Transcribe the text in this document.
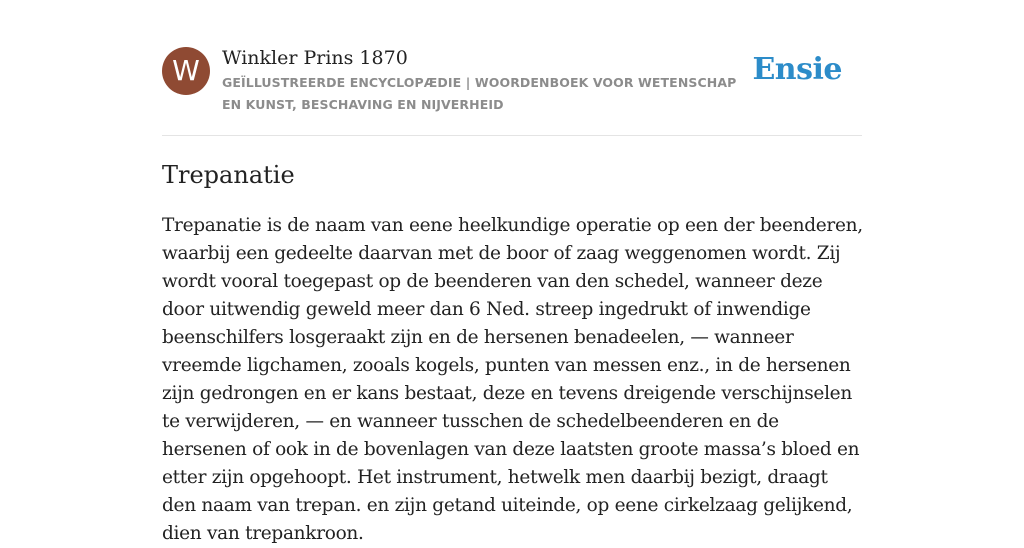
W	Winkler Prins 1870
GEÏLLUSTREERDE ENCYCLOPÆDIE | WOORDENBOEK VOOR WETENSCHAP EN KUNST, BESCHAVING EN NIJVERHEID
Ensie
Trepanatie

Trepanatie is de naam van eene heelkundige operatie op een der beenderen, waarbij een gedeelte daarvan met de boor of zaag weggenomen wordt. Zij wordt vooral toegepast op de beenderen van den schedel, wanneer deze door uitwendig geweld meer dan 6 Ned. streep ingedrukt of inwendige beenschilfers losgeraakt zijn en de hersenen benadeelen, — wanneer vreemde ligchamen, zooals kogels, punten van messen enz., in de hersenen zijn gedrongen en er kans bestaat, deze en tevens dreigende verschijnselen te verwijderen, — en wanneer tusschen de schedelbeenderen en de hersenen of ook in de bovenlagen van deze laatsten groote massa’s bloed en etter zijn opgehoopt. Het instrument, hetwelk men daarbij bezigt, draagt den naam van trepan. en zijn getand uiteinde, op eene cirkelzaag gelijkend, dien van trepankroon.
